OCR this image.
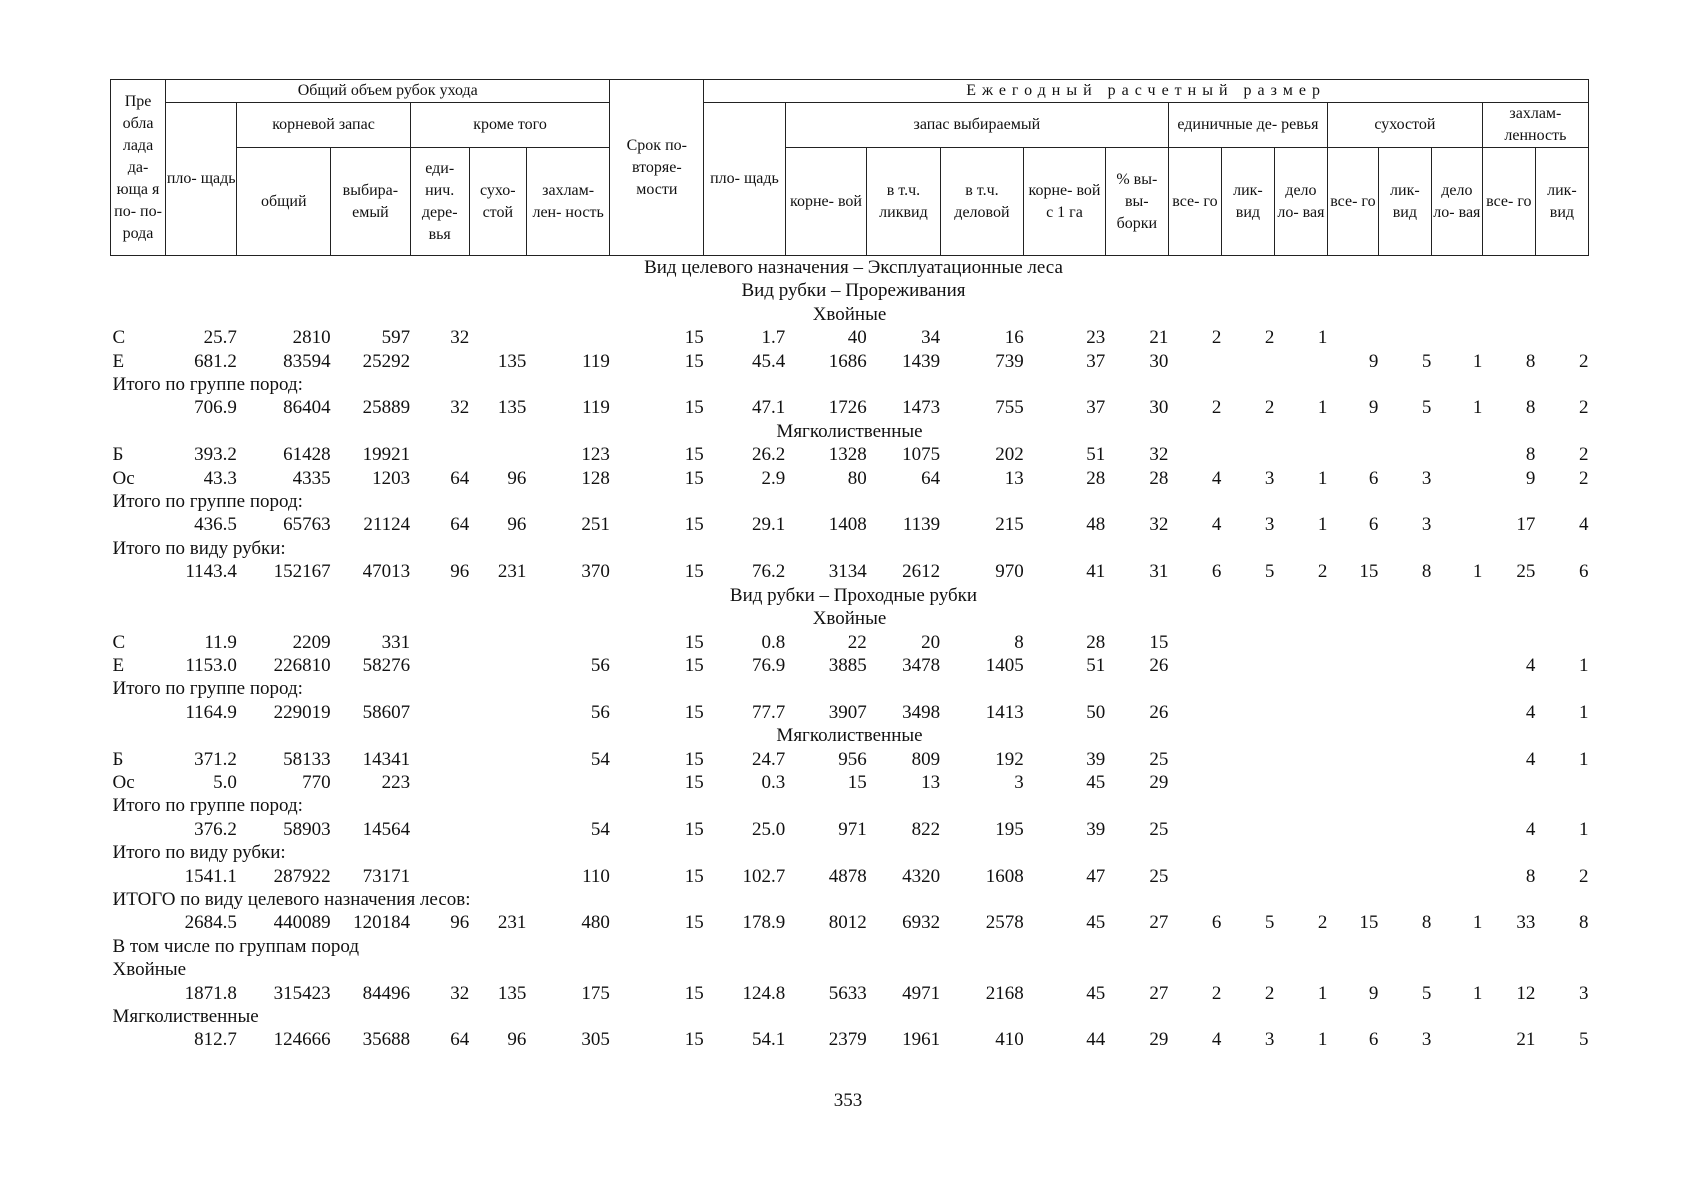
Пре обла лада да- юща я по- по- рода	Общий объем рубок ухода						Срок по- вторяе- мости	Ежегодный расчетный размер													
	пло- щадь	корневой запас		кроме того				пло- щадь	запас выбираемый					единичные де- ревья			сухостой			захлам- ленность	
		общий	выбира- емый	еди- нич. дере- вья	сухо- стой	захлам- лен- ность			корне- вой	в т.ч. ликвид	в т.ч. деловой	корне- вой с 1 га	% вы- вы- борки	все- го	лик- вид	дело ло- вая	все- го	лик- вид	дело ло- вая	все- го	лик- вид
Вид целевого назначения – Эксплуатационные леса																					
Вид рубки – Прореживания																					
Хвойные																					
С	25.7	2810	597	32			15	1.7	40	34	16	23	21	2	2	1					
Е	681.2	83594	25292		135	119	15	45.4	1686	1439	739	37	30				9	5	1	8	2
Итого по группе пород:																					
	706.9	86404	25889	32	135	119	15	47.1	1726	1473	755	37	30	2	2	1	9	5	1	8	2
Мягколиственные																					
Б	393.2	61428	19921			123	15	26.2	1328	1075	202	51	32							8	2
Ос	43.3	4335	1203	64	96	128	15	2.9	80	64	13	28	28	4	3	1	6	3		9	2
Итого по группе пород:																					
	436.5	65763	21124	64	96	251	15	29.1	1408	1139	215	48	32	4	3	1	6	3		17	4
Итого по виду рубки:																					
	1143.4	152167	47013	96	231	370	15	76.2	3134	2612	970	41	31	6	5	2	15	8	1	25	6
Вид рубки – Проходные рубки																					
Хвойные																					
С	11.9	2209	331				15	0.8	22	20	8	28	15								
Е	1153.0	226810	58276			56	15	76.9	3885	3478	1405	51	26							4	1
Итого по группе пород:																					
	1164.9	229019	58607			56	15	77.7	3907	3498	1413	50	26							4	1
Мягколиственные																					
Б	371.2	58133	14341			54	15	24.7	956	809	192	39	25							4	1
Ос	5.0	770	223				15	0.3	15	13	3	45	29								
Итого по группе пород:																					
	376.2	58903	14564			54	15	25.0	971	822	195	39	25							4	1
Итого по виду рубки:																					
	1541.1	287922	73171			110	15	102.7	4878	4320	1608	47	25							8	2
ИТОГО по виду целевого назначения лесов:																					
	2684.5	440089	120184	96	231	480	15	178.9	8012	6932	2578	45	27	6	5	2	15	8	1	33	8
В том числе по группам пород																					
Хвойные																					
	1871.8	315423	84496	32	135	175	15	124.8	5633	4971	2168	45	27	2	2	1	9	5	1	12	3
Мягколиственные																					
	812.7	124666	35688	64	96	305	15	54.1	2379	1961	410	44	29	4	3	1	6	3		21	5
353
